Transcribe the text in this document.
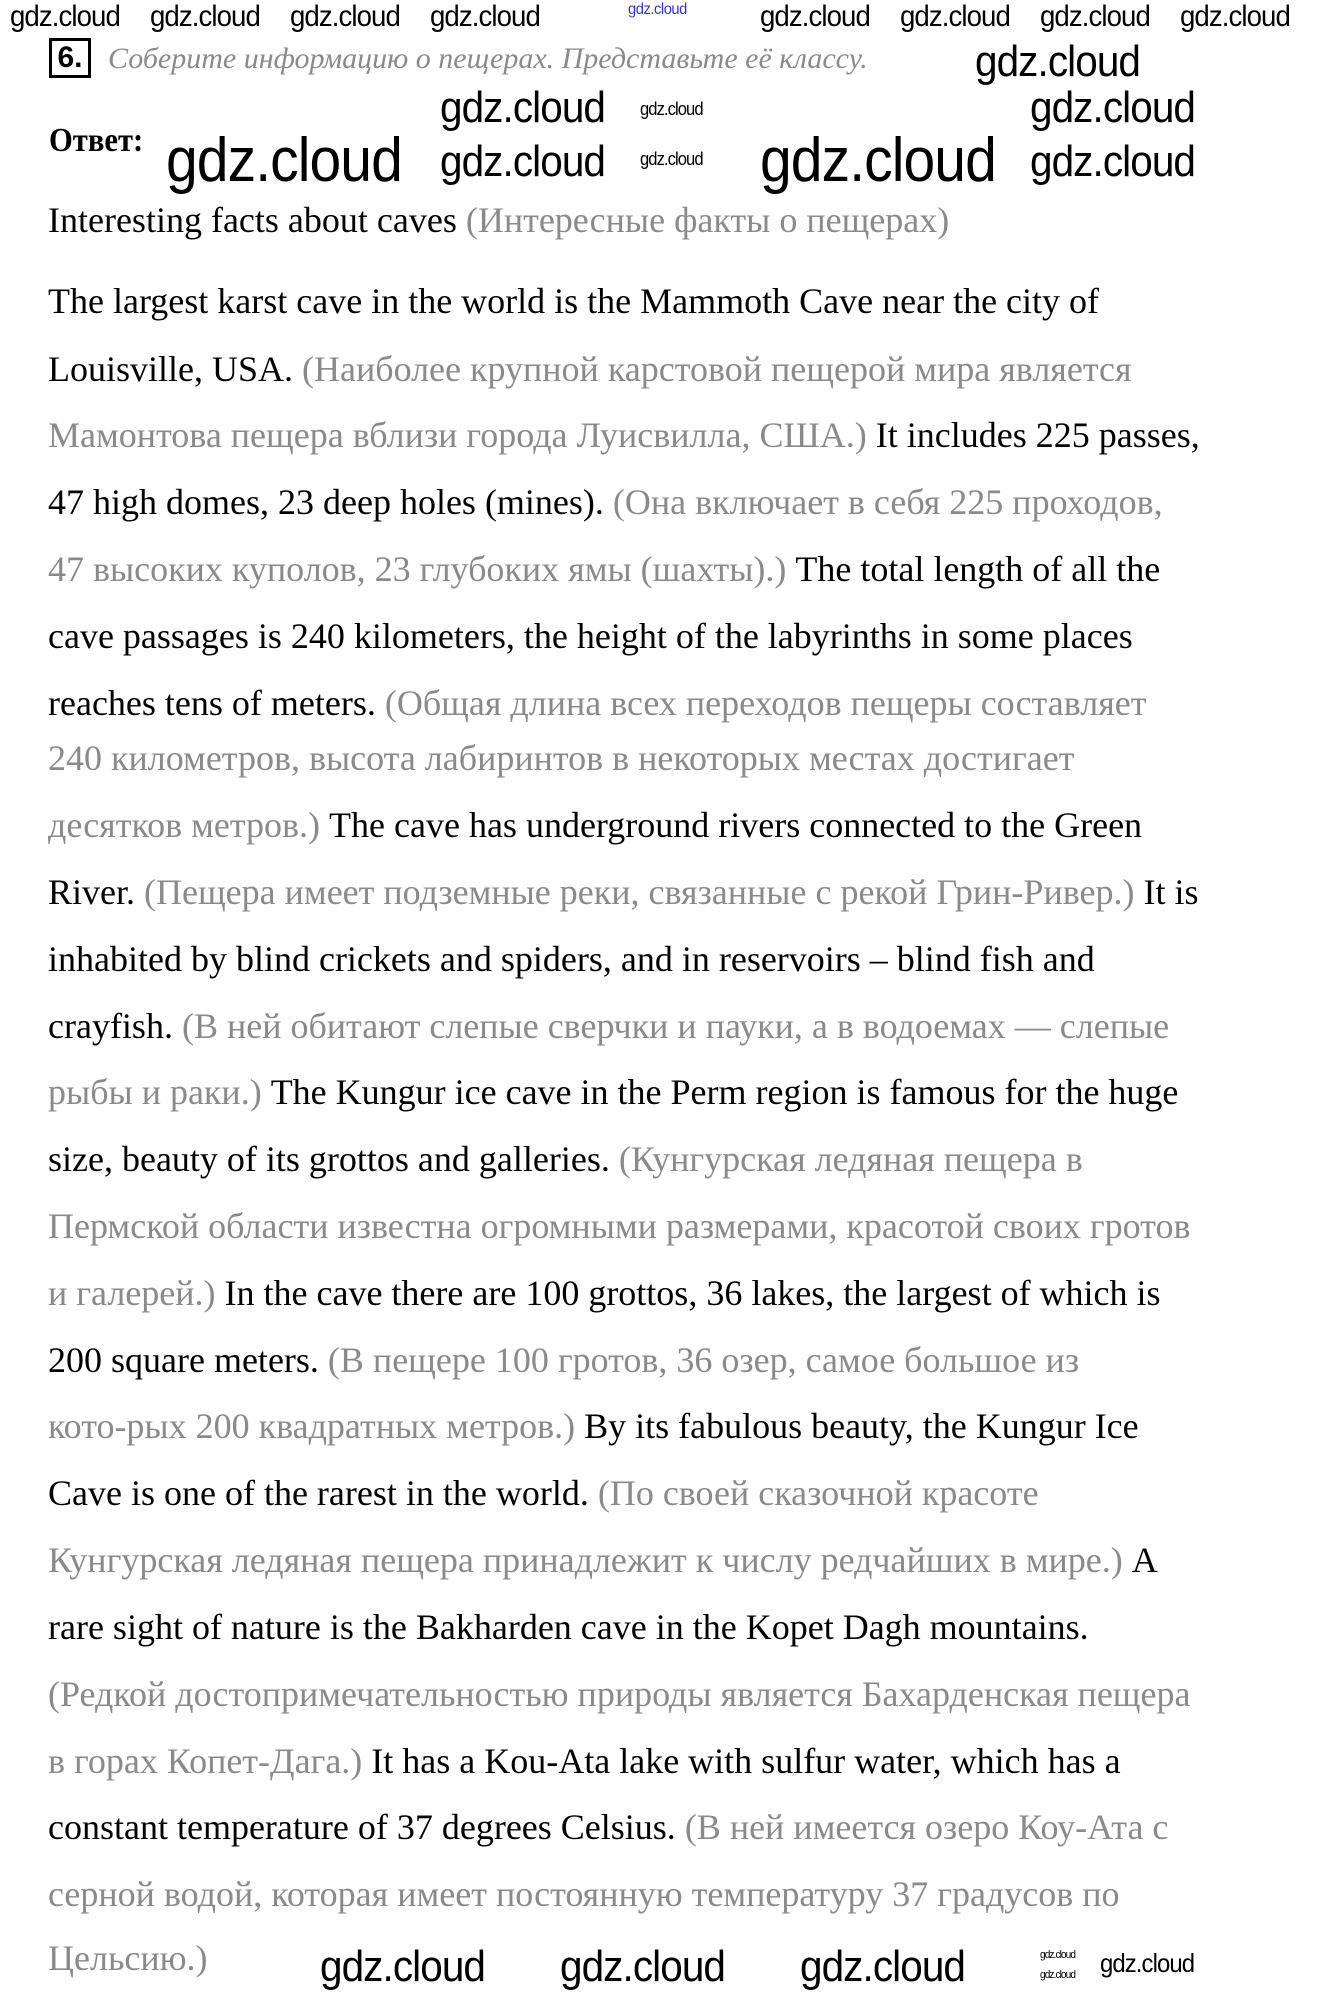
gdz.cloud
6. Соберите информацию о пещерах. Представьте её классу.
Ответ:
Interesting facts about caves (Интересные факты о пещерах)
The largest karst cave in the world is the Mammoth Cave near the city of
Louisville, USA. (Наиболее крупной карстовой пещерой мира является
Мамонтова пещера вблизи города Луисвилла, США.) It includes 225 passes,
47 high domes, 23 deep holes (mines). (Она включает в себя 225 проходов,
47 высоких куполов, 23 глубоких ямы (шахты).) The total length of all the
cave passages is 240 kilometers, the height of the labyrinths in some places
reaches tens of meters. (Общая длина всех переходов пещеры составляет
240 километров, высота лабиринтов в некоторых местах достигает
десятков метров.) The cave has underground rivers connected to the Green
River. (Пещера имеет подземные реки, связанные с рекой Грин-Ривер.) It is
inhabited by blind crickets and spiders, and in reservoirs – blind fish and
crayfish. (В ней обитают слепые сверчки и пауки, а в водоемах — слепые
рыбы и раки.) The Kungur ice cave in the Perm region is famous for the huge
size, beauty of its grottos and galleries. (Кунгурская ледяная пещера в
Пермской области известна огромными размерами, красотой своих гротов
и галерей.) In the cave there are 100 grottos, 36 lakes, the largest of which is
200 square meters. (В пещере 100 гротов, 36 озер, самое большое из
кото-рых 200 квадратных метров.) By its fabulous beauty, the Kungur Ice
Cave is one of the rarest in the world. (По своей сказочной красоте
Кунгурская ледяная пещера принадлежит к числу редчайших в мире.) A
rare sight of nature is the Bakharden cave in the Kopet Dagh mountains.
(Редкой достопримечательностью природы является Бахарденская пещера
в горах Копет-Дага.) It has a Kou-Ata lake with sulfur water, which has a
constant temperature of 37 degrees Celsius. (В ней имеется озеро Коу-Ата с
серной водой, которая имеет постоянную температуру 37 градусов по
Цельсию.)
gdz.cloud	gdz.cloud
gdz.cloud gdz.cloud
gdz.cloud
gdz.cloud
gdz.cloud
gdz.cloud
gdz.cloud
gdz.cloud
gdz.cloud
gdz.cloud	gdz.cloud
gdz.cloud
gdz.cloud
gdz.cloud
gdz.cloud
gdz.cloud
gdz.cloud
gdz.cloud
gdz.cloud
gdz.cloud
gdz.cloud
